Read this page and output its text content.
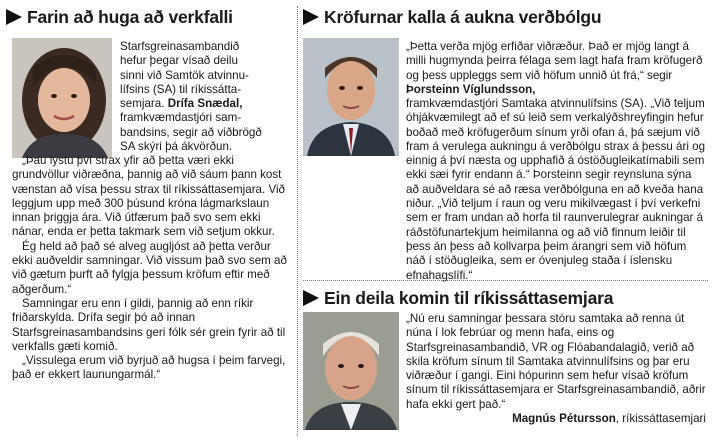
Farin að huga að verkfalli

Starfsgreinasambandið

hefur þegar vísað deilu

sinni við Samtök atvinnu-

lífsins (SA) til ríkissátta-

semjara. Drífa Snædal,

framkvæmdastjóri sam-

bandsins, segir að viðbrögð

SA skýri þá ákvörðun.

„Þau lýstu því strax yfir að þetta væri ekki grundvöllur viðræðna, þannig að við sáum þann kost vænstan að vísa þessu strax til ríkissáttasemjara. Við leggjum upp með 300 þúsund króna lágmarkslaun innan þriggja ára. Við útfærum það svo sem ekki nánar, enda er þetta takmark sem við setjum okkur.

Ég held að það sé alveg augljóst að þetta verður ekki auðveldir samningar. Við vissum það svo sem að við gætum þurft að fylgja þessum kröfum eftir með aðgerðum.“

Samningar eru enn í gildi, þannig að enn ríkir friðarskylda. Drífa segir þó að innan Starfsgreinasambandsins geri fólk sér grein fyrir að til verkfalls gæti komið.

„Vissulega erum við byrjuð að hugsa í þeim farvegi, það er ekkert launungarmál.“

Kröfurnar kalla á aukna verðbólgu

„Þetta verða mjög erfiðar viðræður. Það er mjög langt á milli hugmynda þeirra félaga sem lagt hafa fram kröfugerð og þess uppleggs sem við höfum unnið út frá,“ segir Þorsteinn Víglundsson,

framkvæmdastjóri Samtaka atvinnulífsins (SA). „Við teljum óhjákvæmilegt að ef sú leið sem verkalýðshreyfingin hefur boðað með kröfugerðum sínum yrði ofan á, þá sæjum við fram á verulega aukningu á verðbólgu strax á þessu ári og einnig á því næsta og upphafið á óstöðugleikatímabili sem ekki sæi fyrir endann á.“ Þorsteinn segir reynsluna sýna að auðveldara sé að ræsa verðbólguna en að kveða hana niður. „Við teljum í raun og veru mikilvægast í því verkefni sem er fram undan að horfa til raunverulegrar aukningar á ráðstöfunartekjum heimilanna og að við finnum leiðir til þess án þess að kollvarpa þeim árangri sem við höfum náð í stöðugleika, sem er óvenjuleg staða í íslensku efnahagslífi.“

Ein deila komin til ríkissáttasemjara

„Nú eru samningar þessara stóru samtaka að renna út núna í lok febrúar og menn hafa, eins og Starfsgreinasambandið, VR og Flóabandalagið, verið að skila kröfum sínum til Samtaka atvinnulífsins og þar eru viðræður í gangi. Eini hópurinn sem hefur vísað kröfum sínum til ríkissáttasemjara er Starfsgreinasambandið, aðrir hafa ekki gert það.“

Magnús Pétursson, ríkissáttasemjari
